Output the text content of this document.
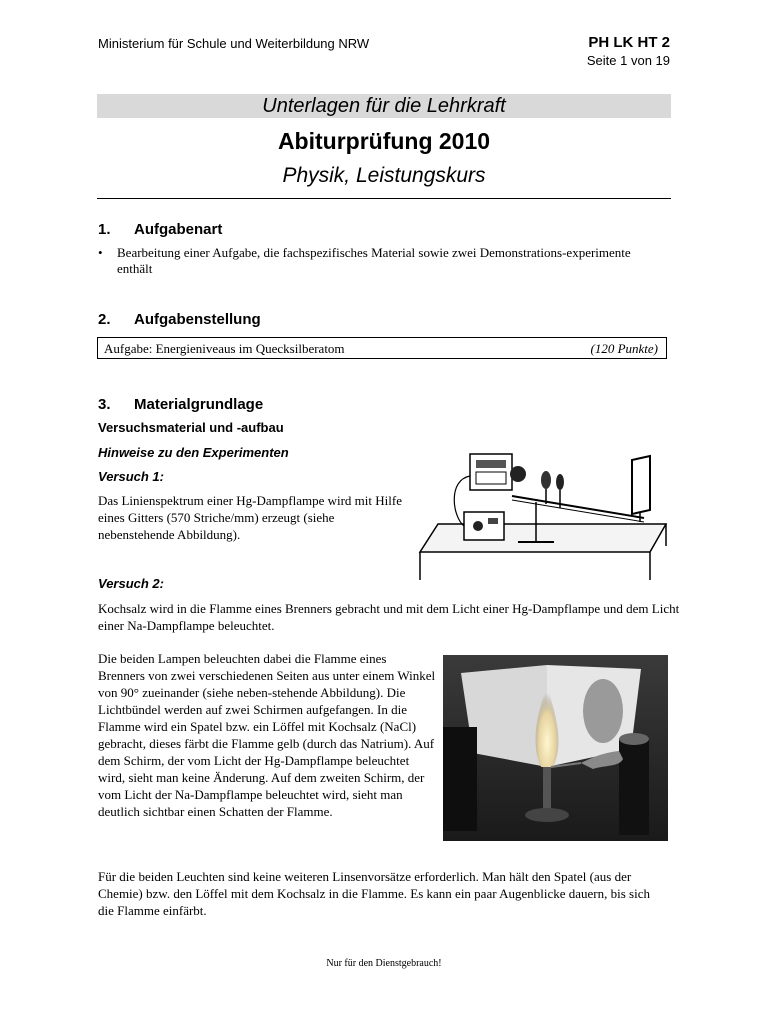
Ministerium für Schule und Weiterbildung NRW	PH LK HT 2
Seite 1 von 19
Unterlagen für die Lehrkraft
Abiturprüfung 2010
Physik, Leistungskurs
1. Aufgabenart
• Bearbeitung einer Aufgabe, die fachspezifisches Material sowie zwei Demonstrations-experimente enthält
2. Aufgabenstellung
Aufgabe: Energieniveaus im Quecksilberatom	(120 Punkte)
3. Materialgrundlage
Versuchsmaterial und -aufbau
Hinweise zu den Experimenten
Versuch 1:
Das Linienspektrum einer Hg-Dampflampe wird mit Hilfe eines Gitters (570 Striche/mm) erzeugt (siehe nebenstehende Abbildung).
Versuch 2:
Kochsalz wird in die Flamme eines Brenners gebracht und mit dem Licht einer Hg-Dampflampe und dem Licht einer Na-Dampflampe beleuchtet.
Die beiden Lampen beleuchten dabei die Flamme eines Brenners von zwei verschiedenen Seiten aus unter einem Winkel von 90° zueinander (siehe neben-stehende Abbildung). Die Lichtbündel werden auf zwei Schirmen aufgefangen. In die Flamme wird ein Spatel bzw. ein Löffel mit Kochsalz (NaCl) gebracht, dieses färbt die Flamme gelb (durch das Natrium). Auf dem Schirm, der vom Licht der Hg-Dampflampe beleuchtet wird, sieht man keine Änderung. Auf dem zweiten Schirm, der vom Licht der Na-Dampflampe beleuchtet wird, sieht man deutlich sichtbar einen Schatten der Flamme.
Für die beiden Leuchten sind keine weiteren Linsenvorsätze erforderlich. Man hält den Spatel (aus der Chemie) bzw. den Löffel mit dem Kochsalz in die Flamme. Es kann ein paar Augenblicke dauern, bis sich die Flamme einfärbt.
Nur für den Dienstgebrauch!
